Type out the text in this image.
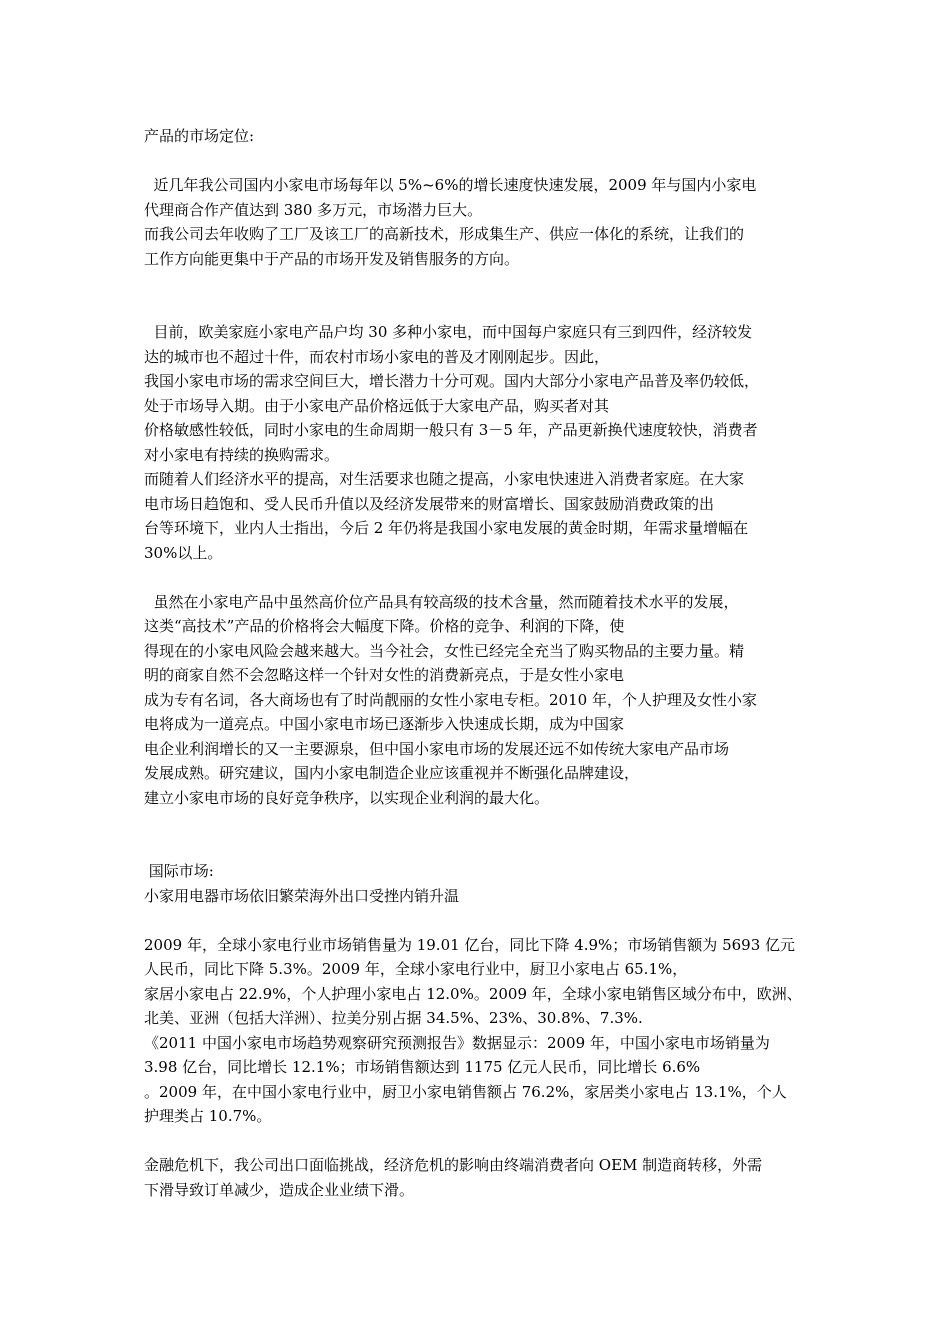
产品的市场定位:

近几年我公司国内小家电市场每年以 5%~6%的增长速度快速发展，2009 年与国内小家电

代理商合作产值达到 380 多万元，市场潜力巨大。

而我公司去年收购了工厂及该工厂的高新技术，形成集生产、供应一体化的系统，让我们的

工作方向能更集中于产品的市场开发及销售服务的方向。

目前，欧美家庭小家电产品户均 30 多种小家电，而中国每户家庭只有三到四件，经济较发

达的城市也不超过十件，而农村市场小家电的普及才刚刚起步。因此，

我国小家电市场的需求空间巨大，增长潜力十分可观。国内大部分小家电产品普及率仍较低，

处于市场导入期。由于小家电产品价格远低于大家电产品，购买者对其

价格敏感性较低，同时小家电的生命周期一般只有 3－5 年，产品更新换代速度较快，消费者

对小家电有持续的换购需求。

而随着人们经济水平的提高，对生活要求也随之提高，小家电快速进入消费者家庭。在大家

电市场日趋饱和、受人民币升值以及经济发展带来的财富增长、国家鼓励消费政策的出

台等环境下，业内人士指出，今后 2 年仍将是我国小家电发展的黄金时期，年需求量增幅在

30%以上。

虽然在小家电产品中虽然高价位产品具有较高级的技术含量，然而随着技术水平的发展，

这类“高技术”产品的价格将会大幅度下降。价格的竞争、利润的下降，使

得现在的小家电风险会越来越大。当今社会，女性已经完全充当了购买物品的主要力量。精

明的商家自然不会忽略这样一个针对女性的消费新亮点，于是女性小家电

成为专有名词，各大商场也有了时尚靓丽的女性小家电专柜。2010 年，个人护理及女性小家

电将成为一道亮点。中国小家电市场已逐渐步入快速成长期，成为中国家

电企业利润增长的又一主要源泉，但中国小家电市场的发展还远不如传统大家电产品市场

发展成熟。研究建议，国内小家电制造企业应该重视并不断强化品牌建设，

建立小家电市场的良好竞争秩序，以实现企业利润的最大化。

国际市场:

小家用电器市场依旧繁荣海外出口受挫内销升温

2009 年，全球小家电行业市场销售量为 19.01 亿台，同比下降 4.9%；市场销售额为 5693 亿元

人民币，同比下降 5.3%。2009 年，全球小家电行业中，厨卫小家电占 65.1%，

家居小家电占 22.9%，个人护理小家电占 12.0%。2009 年，全球小家电销售区域分布中，欧洲、

北美、亚洲（包括大洋洲）、拉美分别占据 34.5%、23%、30.8%、7.3%.

《2011 中国小家电市场趋势观察研究预测报告》数据显示：2009 年，中国小家电市场销量为

3.98 亿台，同比增长 12.1%；市场销售额达到 1175 亿元人民币，同比增长 6.6%

。2009 年，在中国小家电行业中，厨卫小家电销售额占 76.2%，家居类小家电占 13.1%，个人

护理类占 10.7%。

金融危机下，我公司出口面临挑战，经济危机的影响由终端消费者向 OEM 制造商转移，外需

下滑导致订单减少，造成企业业绩下滑。
